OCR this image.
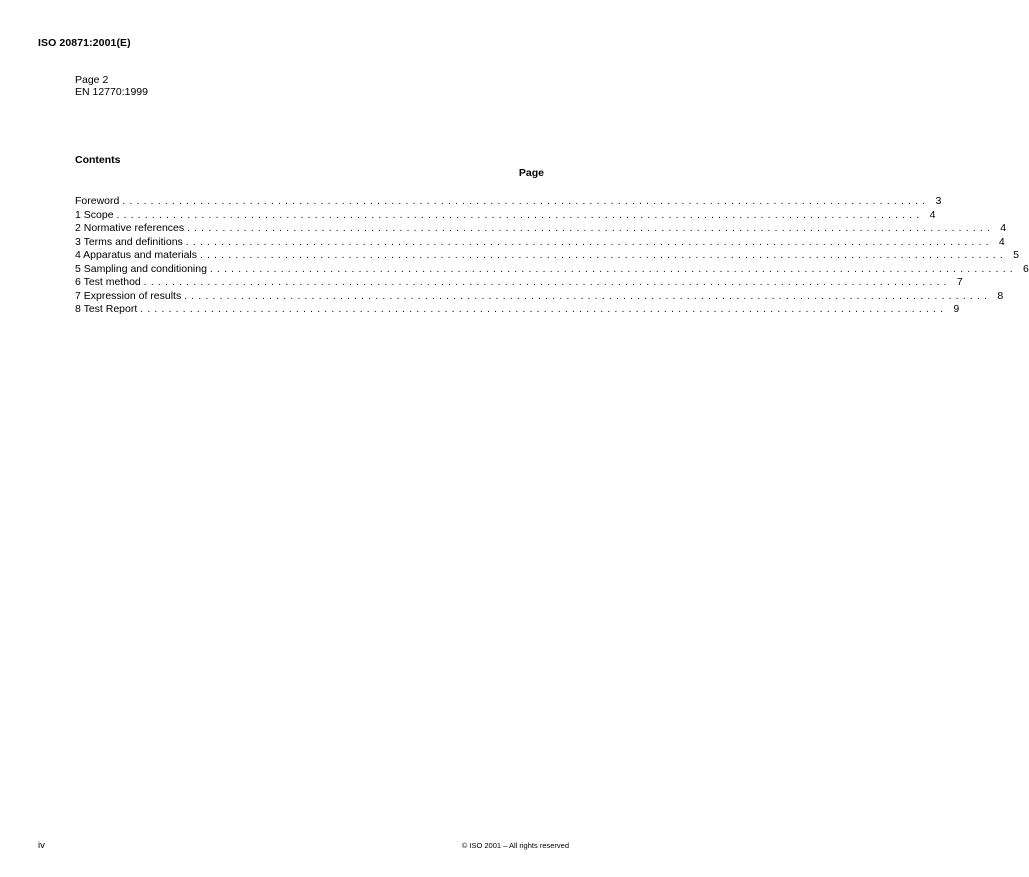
ISO 20871:2001(E)
Page 2
EN 12770:1999
Contents
Page
Foreword .................................................................................................................. 3
1 Scope .................................................................................................................. 4
2 Normative references .................................................................................................................. 4
3 Terms and definitions .................................................................................................................. 4
4 Apparatus and materials .................................................................................................................. 5
5 Sampling and conditioning .................................................................................................................. 6
6 Test method .................................................................................................................. 7
7 Expression of results .................................................................................................................. 8
8 Test Report .................................................................................................................. 9
iv	© ISO 2001 – All rights reserved
